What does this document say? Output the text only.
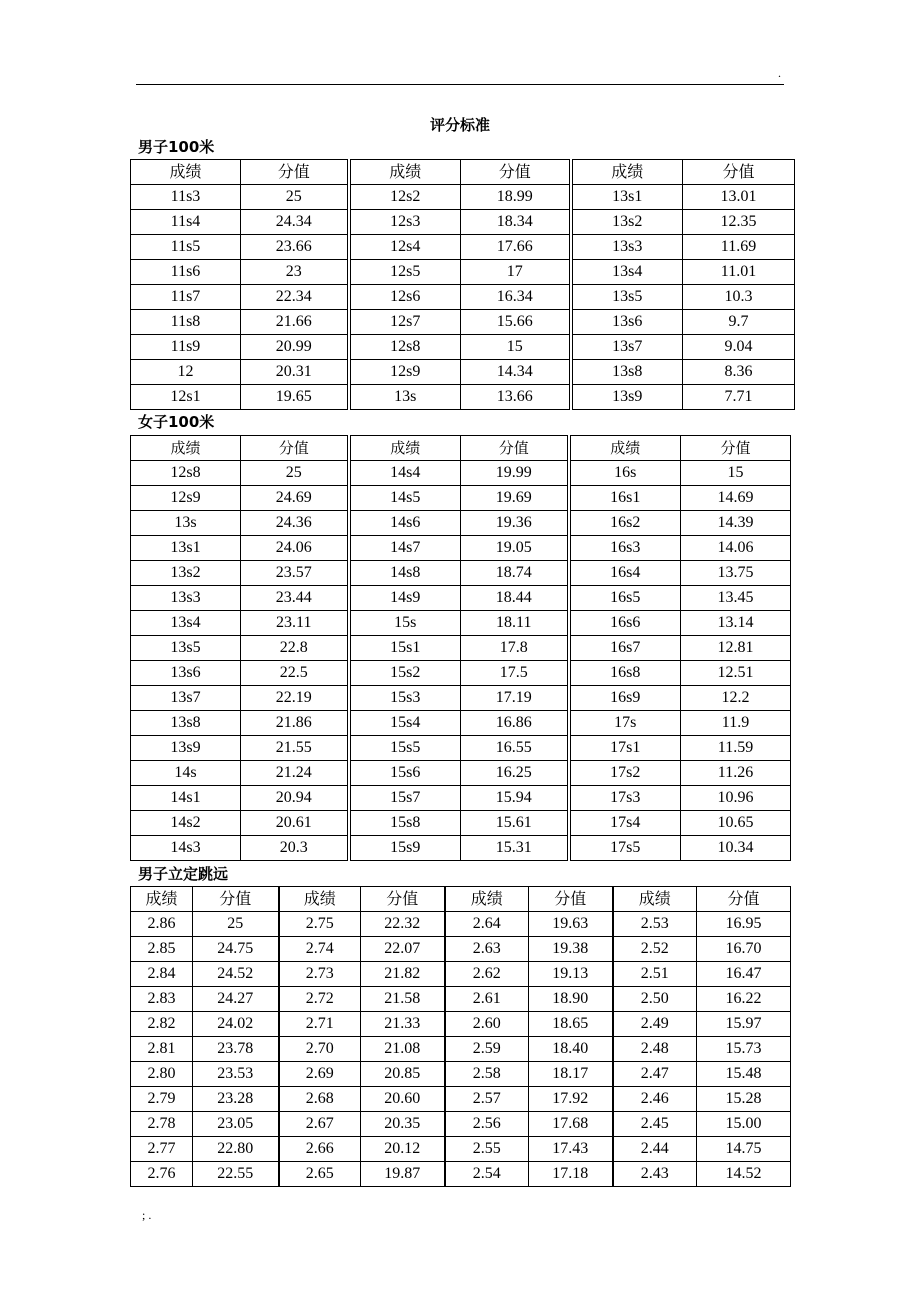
.
评分标准
男子100米
成绩	分值	成绩	分值	成绩	分值
11s3	25	12s2	18.99	13s1	13.01
11s4	24.34	12s3	18.34	13s2	12.35
11s5	23.66	12s4	17.66	13s3	11.69
11s6	23	12s5	17	13s4	11.01
11s7	22.34	12s6	16.34	13s5	10.3
11s8	21.66	12s7	15.66	13s6	9.7
11s9	20.99	12s8	15	13s7	9.04
12	20.31	12s9	14.34	13s8	8.36
12s1	19.65	13s	13.66	13s9	7.71
女子100米
成绩	分值	成绩	分值	成绩	分值
12s8	25	14s4	19.99	16s	15
12s9	24.69	14s5	19.69	16s1	14.69
13s	24.36	14s6	19.36	16s2	14.39
13s1	24.06	14s7	19.05	16s3	14.06
13s2	23.57	14s8	18.74	16s4	13.75
13s3	23.44	14s9	18.44	16s5	13.45
13s4	23.11	15s	18.11	16s6	13.14
13s5	22.8	15s1	17.8	16s7	12.81
13s6	22.5	15s2	17.5	16s8	12.51
13s7	22.19	15s3	17.19	16s9	12.2
13s8	21.86	15s4	16.86	17s	11.9
13s9	21.55	15s5	16.55	17s1	11.59
14s	21.24	15s6	16.25	17s2	11.26
14s1	20.94	15s7	15.94	17s3	10.96
14s2	20.61	15s8	15.61	17s4	10.65
14s3	20.3	15s9	15.31	17s5	10.34
男子立定跳远
成绩	分值	成绩	分值	成绩	分值	成绩	分值
2.86	25	2.75	22.32	2.64	19.63	2.53	16.95
2.85	24.75	2.74	22.07	2.63	19.38	2.52	16.70
2.84	24.52	2.73	21.82	2.62	19.13	2.51	16.47
2.83	24.27	2.72	21.58	2.61	18.90	2.50	16.22
2.82	24.02	2.71	21.33	2.60	18.65	2.49	15.97
2.81	23.78	2.70	21.08	2.59	18.40	2.48	15.73
2.80	23.53	2.69	20.85	2.58	18.17	2.47	15.48
2.79	23.28	2.68	20.60	2.57	17.92	2.46	15.28
2.78	23.05	2.67	20.35	2.56	17.68	2.45	15.00
2.77	22.80	2.66	20.12	2.55	17.43	2.44	14.75
2.76	22.55	2.65	19.87	2.54	17.18	2.43	14.52
; .
